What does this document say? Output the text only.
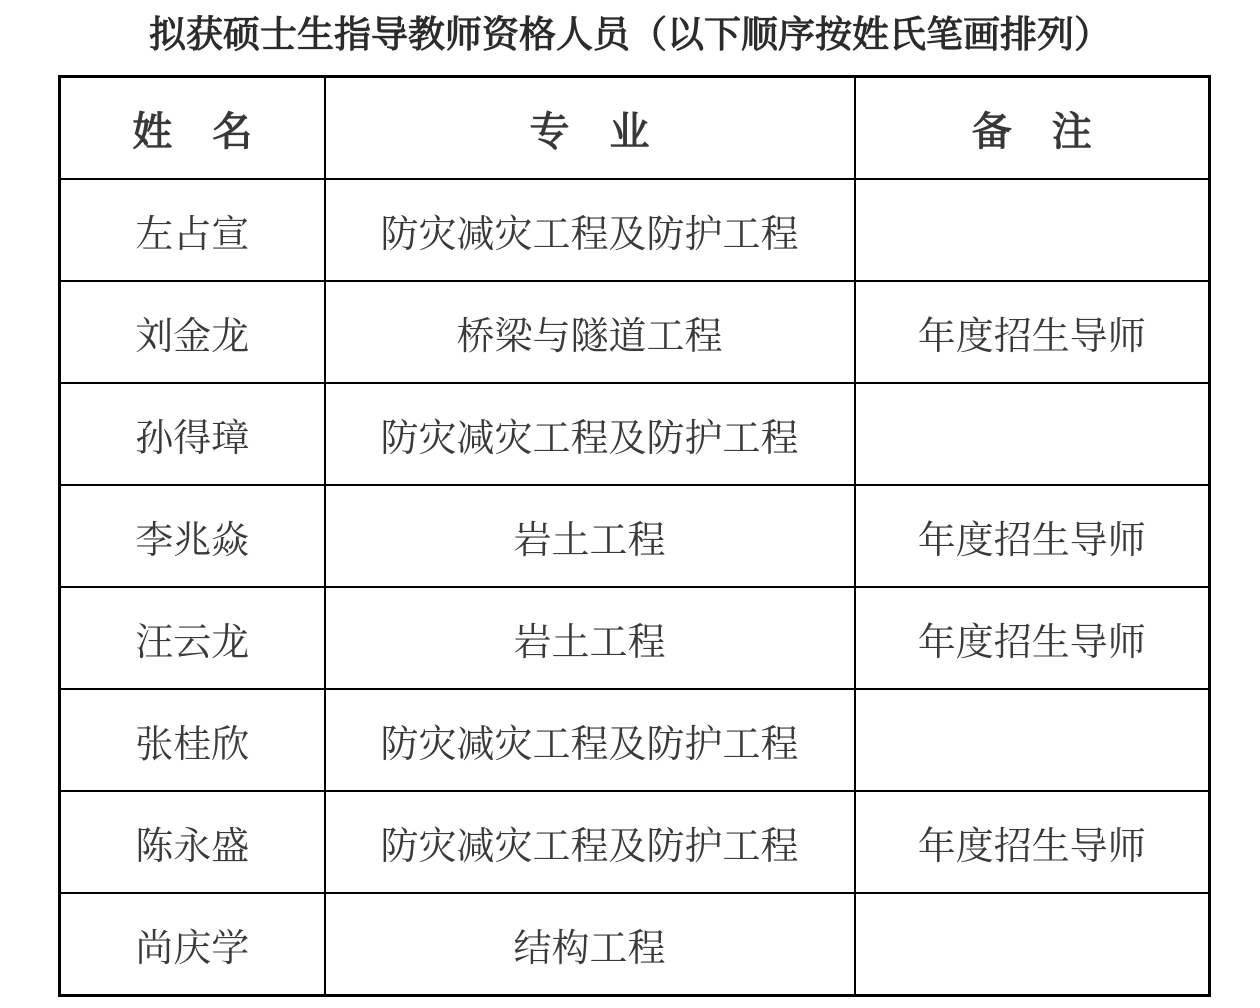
拟获硕士生指导教师资格人员（以下顺序按姓氏笔画排列）
姓　名	专　业	备　注
左占宣	防灾减灾工程及防护工程	
刘金龙	桥梁与隧道工程	年度招生导师
孙得璋	防灾减灾工程及防护工程	
李兆焱	岩土工程	年度招生导师
汪云龙	岩土工程	年度招生导师
张桂欣	防灾减灾工程及防护工程	
陈永盛	防灾减灾工程及防护工程	年度招生导师
尚庆学	结构工程	
